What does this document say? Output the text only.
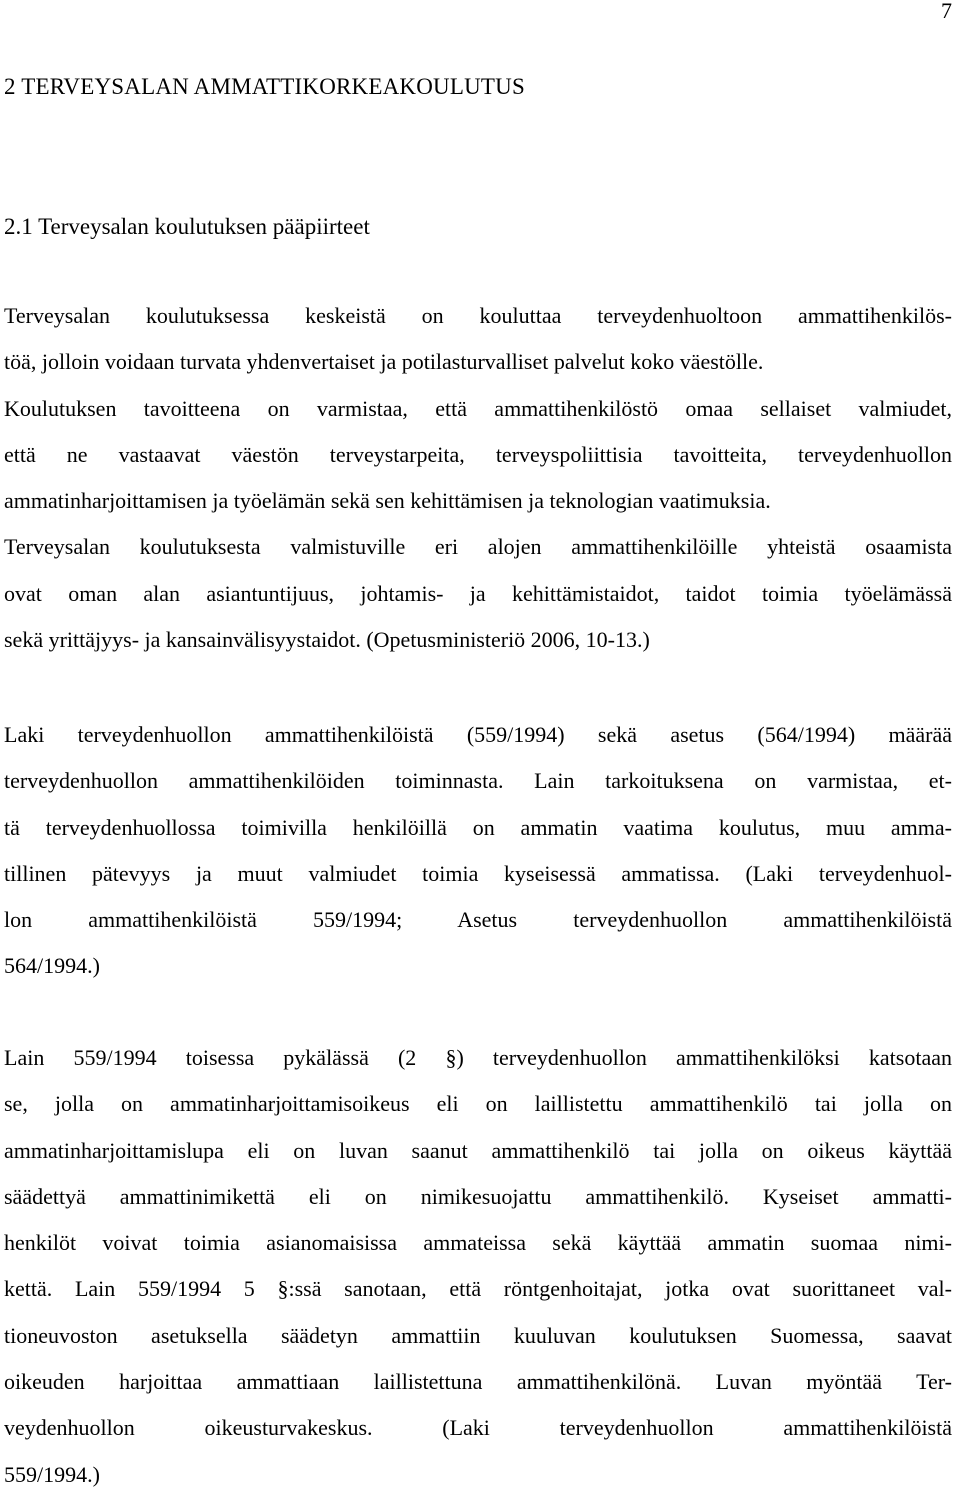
7
2 TERVEYSALAN AMMATTIKORKEAKOULUTUS
2.1 Terveysalan koulutuksen pääpiirteet

Terveysalan koulutuksessa keskeistä on kouluttaa terveydenhuoltoon ammattihenkilös-
töä, jolloin voidaan turvata yhdenvertaiset ja potilasturvalliset palvelut koko väestölle.
Koulutuksen tavoitteena on varmistaa, että ammattihenkilöstö omaa sellaiset valmiudet,
että ne vastaavat väestön terveystarpeita, terveyspoliittisia tavoitteita, terveydenhuollon
ammatinharjoittamisen ja työelämän sekä sen kehittämisen ja teknologian vaatimuksia.
Terveysalan koulutuksesta valmistuville eri alojen ammattihenkilöille yhteistä osaamista
ovat oman alan asiantuntijuus, johtamis- ja kehittämistaidot, taidot toimia työelämässä
sekä yrittäjyys- ja kansainvälisyystaidot. (Opetusministeriö 2006, 10-13.)

Laki terveydenhuollon ammattihenkilöistä (559/1994) sekä asetus (564/1994) määrää
terveydenhuollon ammattihenkilöiden toiminnasta. Lain tarkoituksena on varmistaa, et-
tä terveydenhuollossa toimivilla henkilöillä on ammatin vaatima koulutus, muu amma-
tillinen pätevyys ja muut valmiudet toimia kyseisessä ammatissa. (Laki terveydenhuol-
lon ammattihenkilöistä 559/1994; Asetus terveydenhuollon ammattihenkilöistä
564/1994.)

Lain 559/1994 toisessa pykälässä (2 §) terveydenhuollon ammattihenkilöksi katsotaan
se, jolla on ammatinharjoittamisoikeus eli on laillistettu ammattihenkilö tai jolla on
ammatinharjoittamislupa eli on luvan saanut ammattihenkilö tai jolla on oikeus käyttää
säädettyä ammattinimikettä eli on nimikesuojattu ammattihenkilö. Kyseiset ammatti-
henkilöt voivat toimia asianomaisissa ammateissa sekä käyttää ammatin suomaa nimi-
kettä. Lain 559/1994 5 §:ssä sanotaan, että röntgenhoitajat, jotka ovat suorittaneet val-
tioneuvoston asetuksella säädetyn ammattiin kuuluvan koulutuksen Suomessa, saavat
oikeuden harjoittaa ammattiaan laillistettuna ammattihenkilönä. Luvan myöntää Ter-
veydenhuollon oikeusturvakeskus. (Laki terveydenhuollon ammattihenkilöistä
559/1994.)
